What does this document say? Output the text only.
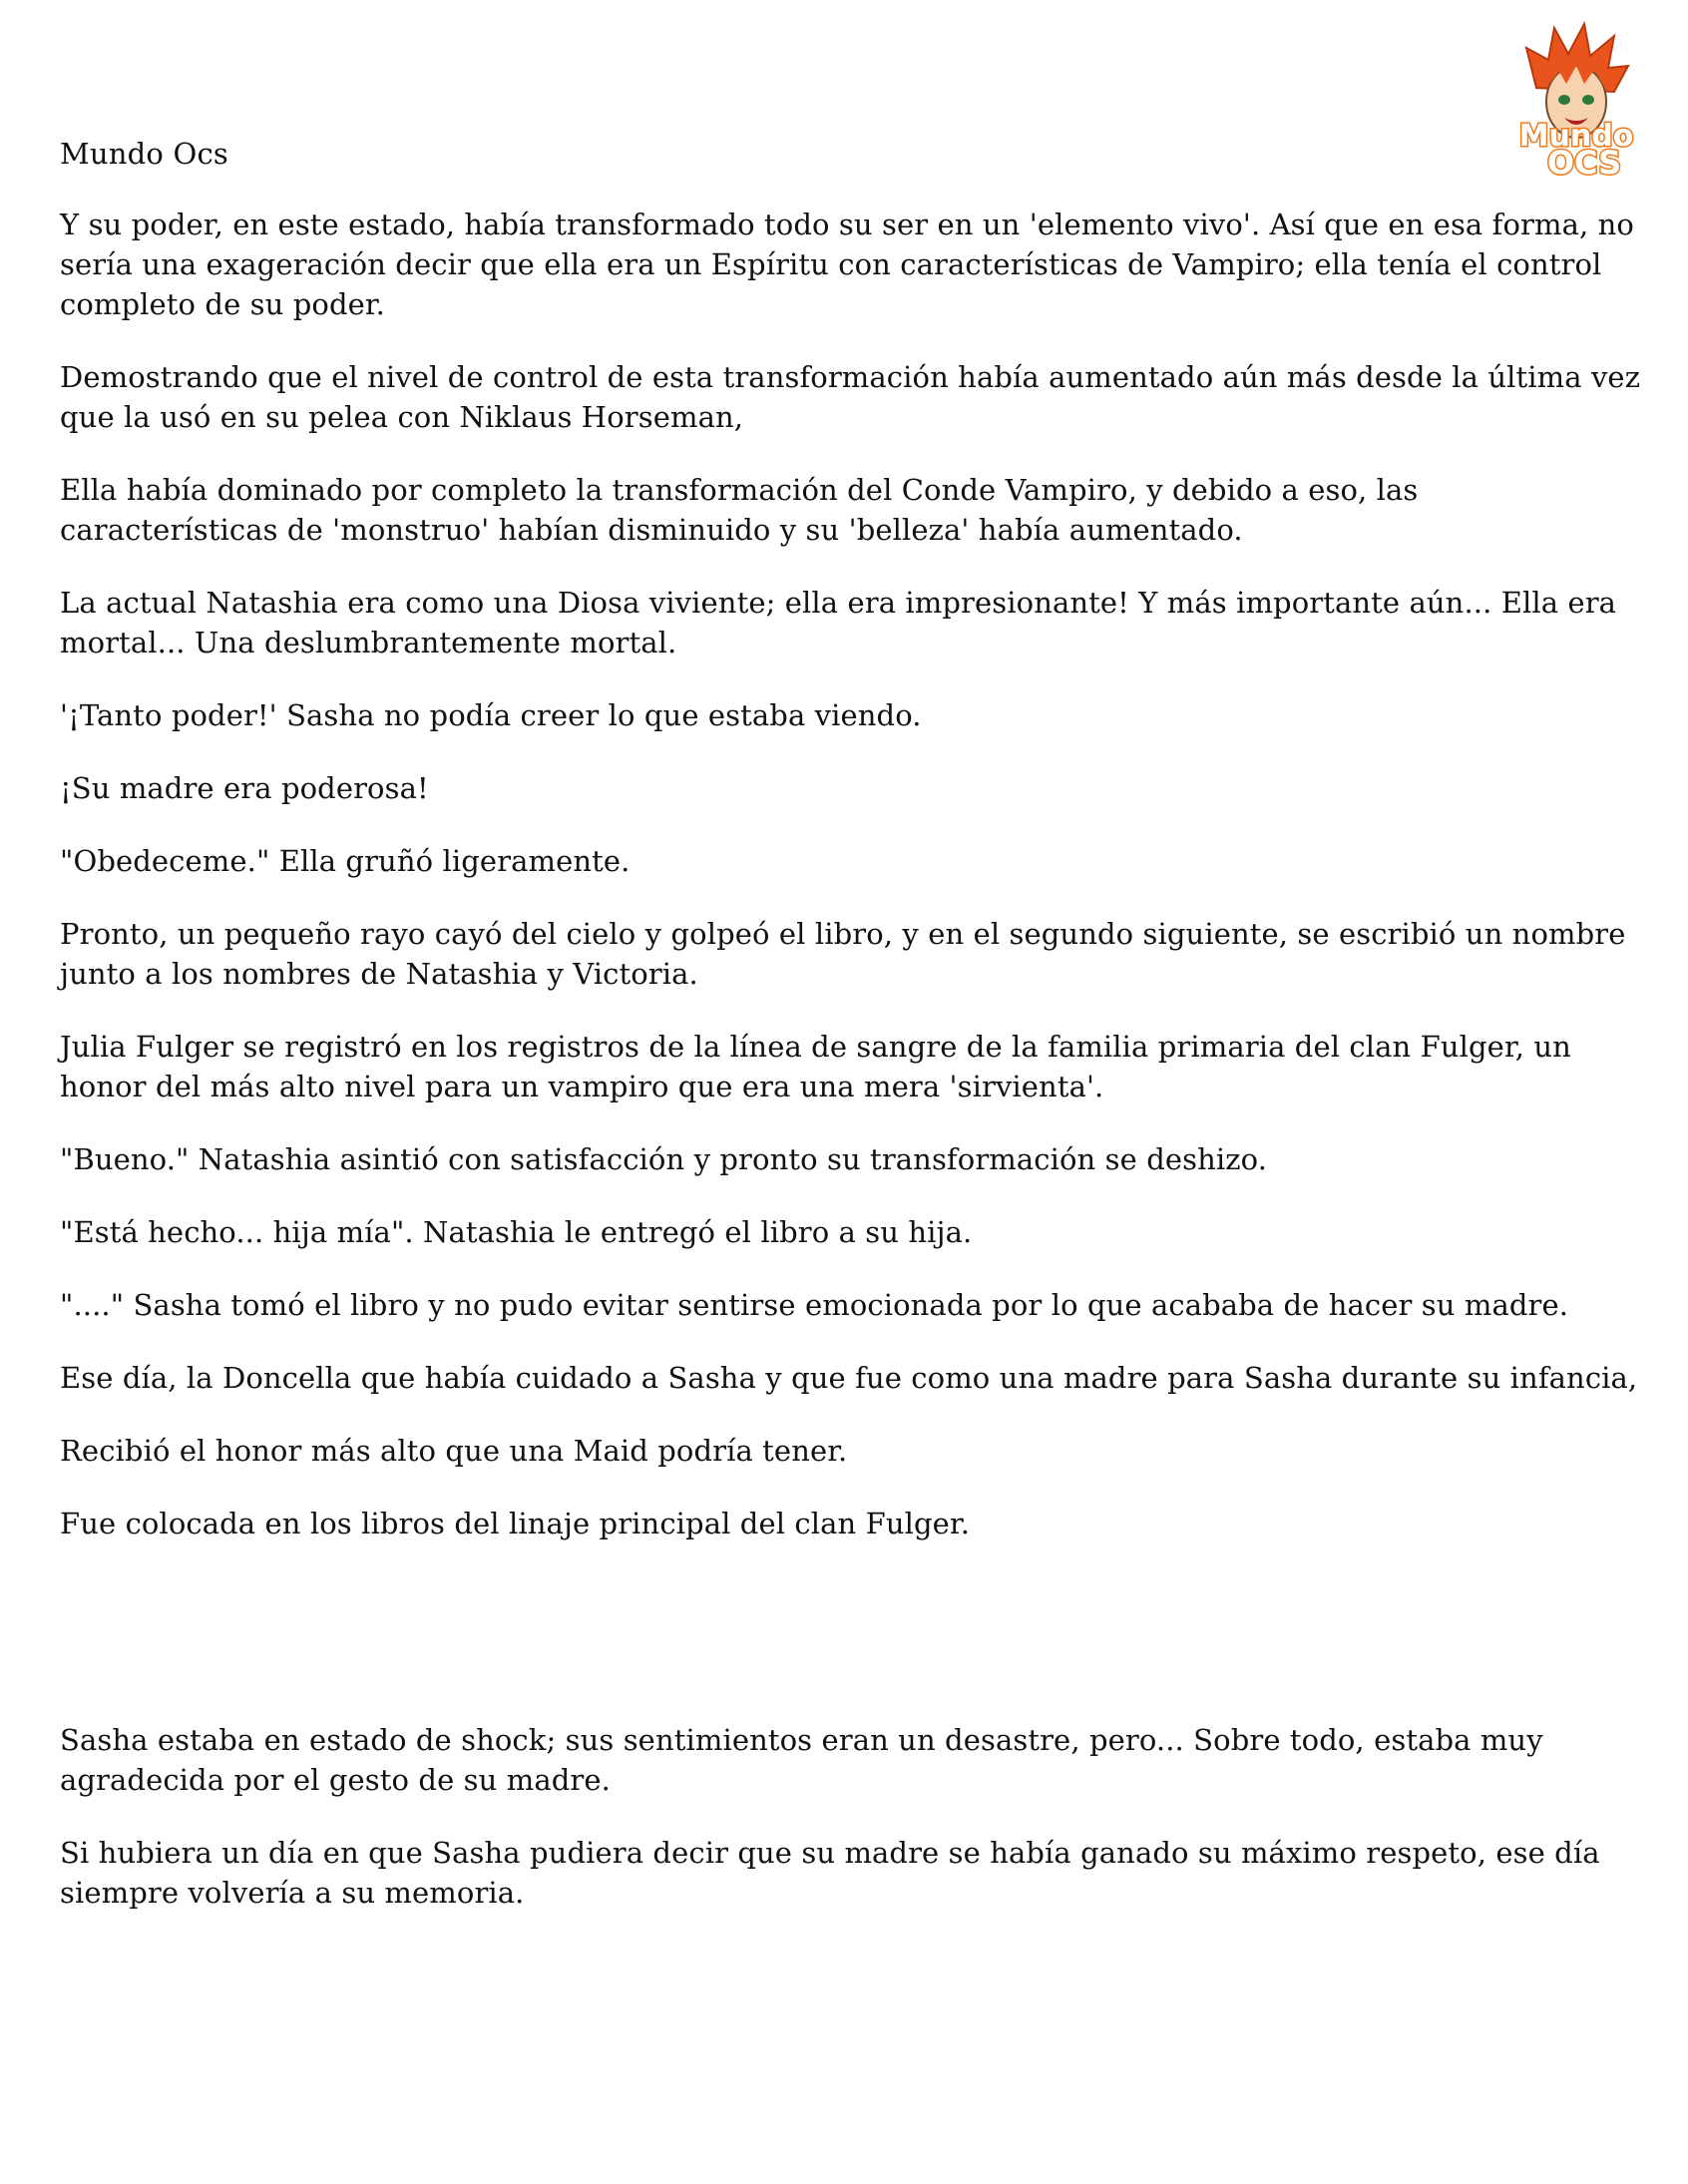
Mundo
OCS
Mundo Ocs

Y su poder, en este estado, había transformado todo su ser en un 'elemento vivo'. Así que en esa forma, no sería una exageración decir que ella era un Espíritu con características de Vampiro; ella tenía el control completo de su poder.

Demostrando que el nivel de control de esta transformación había aumentado aún más desde la última vez que la usó en su pelea con Niklaus Horseman,

Ella había dominado por completo la transformación del Conde Vampiro, y debido a eso, las características de 'monstruo' habían disminuido y su 'belleza' había aumentado.

La actual Natashia era como una Diosa viviente; ella era impresionante! Y más importante aún... Ella era mortal... Una deslumbrantemente mortal.

'¡Tanto poder!' Sasha no podía creer lo que estaba viendo.

¡Su madre era poderosa!

"Obedeceme." Ella gruñó ligeramente.

Pronto, un pequeño rayo cayó del cielo y golpeó el libro, y en el segundo siguiente, se escribió un nombre junto a los nombres de Natashia y Victoria.

Julia Fulger se registró en los registros de la línea de sangre de la familia primaria del clan Fulger, un honor del más alto nivel para un vampiro que era una mera 'sirvienta'.

"Bueno." Natashia asintió con satisfacción y pronto su transformación se deshizo.

"Está hecho... hija mía". Natashia le entregó el libro a su hija.

"...." Sasha tomó el libro y no pudo evitar sentirse emocionada por lo que acababa de hacer su madre.

Ese día, la Doncella que había cuidado a Sasha y que fue como una madre para Sasha durante su infancia,

Recibió el honor más alto que una Maid podría tener.

Fue colocada en los libros del linaje principal del clan Fulger.

Sasha estaba en estado de shock; sus sentimientos eran un desastre, pero... Sobre todo, estaba muy agradecida por el gesto de su madre.

Si hubiera un día en que Sasha pudiera decir que su madre se había ganado su máximo respeto, ese día siempre volvería a su memoria.
